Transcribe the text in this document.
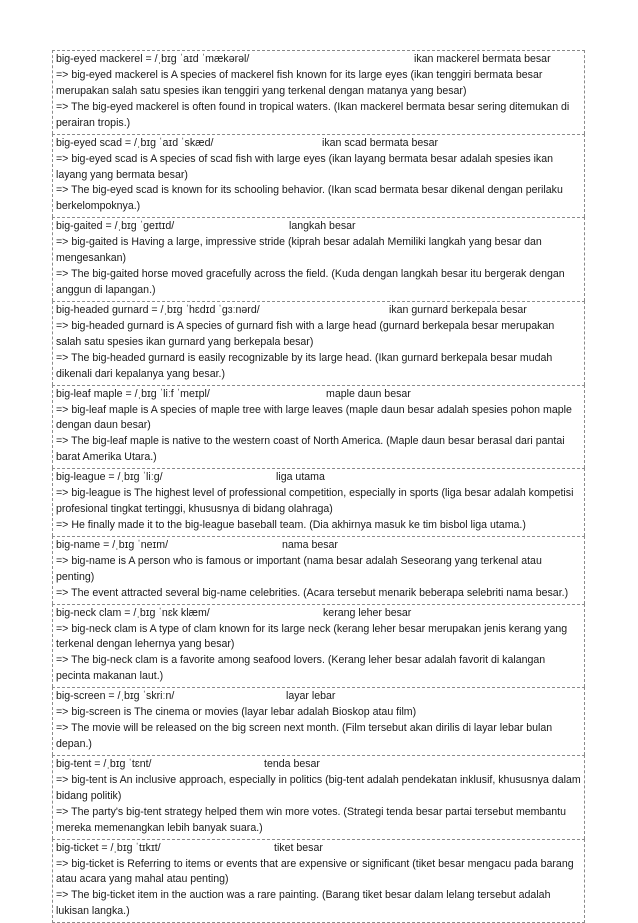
big-eyed mackerel = /ˌbɪɡ ˈaɪd ˈmækərəl/	ikan mackerel bermata besar
=> big-eyed mackerel is A species of mackerel fish known for its large eyes (ikan tenggiri bermata besar merupakan salah satu spesies ikan tenggiri yang terkenal dengan matanya yang besar)
=> The big-eyed mackerel is often found in tropical waters. (Ikan mackerel bermata besar sering ditemukan di perairan tropis.)
big-eyed scad = /ˌbɪɡ ˈaɪd ˈskæd/	ikan scad bermata besar
=> big-eyed scad is A species of scad fish with large eyes (ikan layang bermata besar adalah spesies ikan layang yang bermata besar)
=> The big-eyed scad is known for its schooling behavior. (Ikan scad bermata besar dikenal dengan perilaku berkelompoknya.)
big-gaited = /ˌbɪɡ ˈɡeɪtɪd/	langkah besar
=> big-gaited is Having a large, impressive stride (kiprah besar adalah Memiliki langkah yang besar dan mengesankan)
=> The big-gaited horse moved gracefully across the field. (Kuda dengan langkah besar itu bergerak dengan anggun di lapangan.)
big-headed gurnard = /ˌbɪɡ ˈhɛdɪd ˈɡɜːnərd/	ikan gurnard berkepala besar
=> big-headed gurnard is A species of gurnard fish with a large head (gurnard berkepala besar merupakan salah satu spesies ikan gurnard yang berkepala besar)
=> The big-headed gurnard is easily recognizable by its large head. (Ikan gurnard berkepala besar mudah dikenali dari kepalanya yang besar.)
big-leaf maple = /ˌbɪɡ ˈliːf ˈmeɪpl/	maple daun besar
=> big-leaf maple is A species of maple tree with large leaves (maple daun besar adalah spesies pohon maple dengan daun besar)
=> The big-leaf maple is native to the western coast of North America. (Maple daun besar berasal dari pantai barat Amerika Utara.)
big-league = /ˌbɪɡ ˈliːɡ/	liga utama
=> big-league is The highest level of professional competition, especially in sports (liga besar adalah kompetisi profesional tingkat tertinggi, khususnya di bidang olahraga)
=> He finally made it to the big-league baseball team. (Dia akhirnya masuk ke tim bisbol liga utama.)
big-name = /ˌbɪɡ ˈneɪm/	nama besar
=> big-name is A person who is famous or important (nama besar adalah Seseorang yang terkenal atau penting)
=> The event attracted several big-name celebrities. (Acara tersebut menarik beberapa selebriti nama besar.)
big-neck clam = /ˌbɪɡ ˈnɛk klæm/	kerang leher besar
=> big-neck clam is A type of clam known for its large neck (kerang leher besar merupakan jenis kerang yang terkenal dengan lehernya yang besar)
=> The big-neck clam is a favorite among seafood lovers. (Kerang leher besar adalah favorit di kalangan pecinta makanan laut.)
big-screen = /ˌbɪɡ ˈskriːn/	layar lebar
=> big-screen is The cinema or movies (layar lebar adalah Bioskop atau film)
=> The movie will be released on the big screen next month. (Film tersebut akan dirilis di layar lebar bulan depan.)
big-tent = /ˌbɪɡ ˈtɛnt/	tenda besar
=> big-tent is An inclusive approach, especially in politics (big-tent adalah pendekatan inklusif, khususnya dalam bidang politik)
=> The party's big-tent strategy helped them win more votes. (Strategi tenda besar partai tersebut membantu mereka memenangkan lebih banyak suara.)
big-ticket = /ˌbɪɡ ˈtɪkɪt/	tiket besar
=> big-ticket is Referring to items or events that are expensive or significant (tiket besar mengacu pada barang atau acara yang mahal atau penting)
=> The big-ticket item in the auction was a rare painting. (Barang tiket besar dalam lelang tersebut adalah lukisan langka.)
